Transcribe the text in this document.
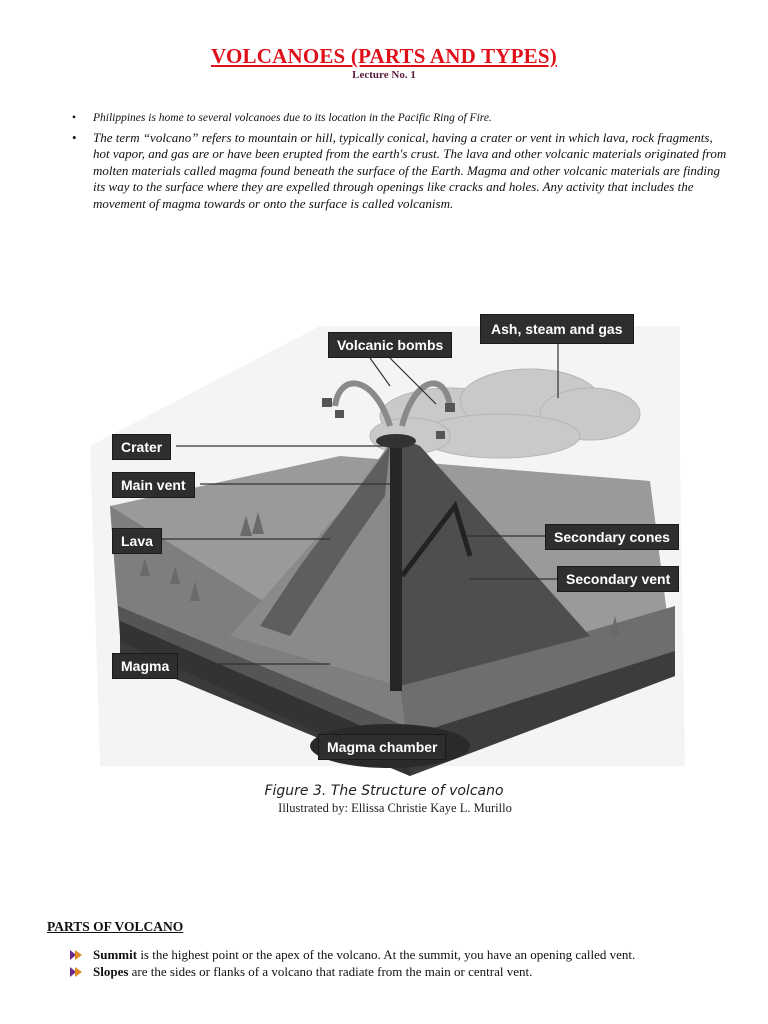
VOLCANOES (PARTS AND TYPES)
Lecture No. 1
• Philippines is home to several volcanoes due to its location in the Pacific Ring of Fire.
• The term “volcano” refers to mountain or hill, typically conical, having a crater or vent in which lava, rock fragments, hot vapor, and gas are or have been erupted from the earth's crust. The lava and other volcanic materials originated from molten materials called magma found beneath the surface of the Earth. Magma and other volcanic materials are finding its way to the surface where they are expelled through openings like cracks and holes. Any activity that includes the movement of magma towards or onto the surface is called volcanism.
Volcanic bombs
Ash, steam and gas
Crater
Main vent
Lava	Secondary cones
Secondary vent
Magma
Magma chamber
Figure 3. The Structure of volcano
Illustrated by: Ellissa Christie Kaye L. Murillo
PARTS OF VOLCANO
Summit is the highest point or the apex of the volcano. At the summit, you have an opening called vent.
Slopes are the sides or flanks of a volcano that radiate from the main or central vent.
